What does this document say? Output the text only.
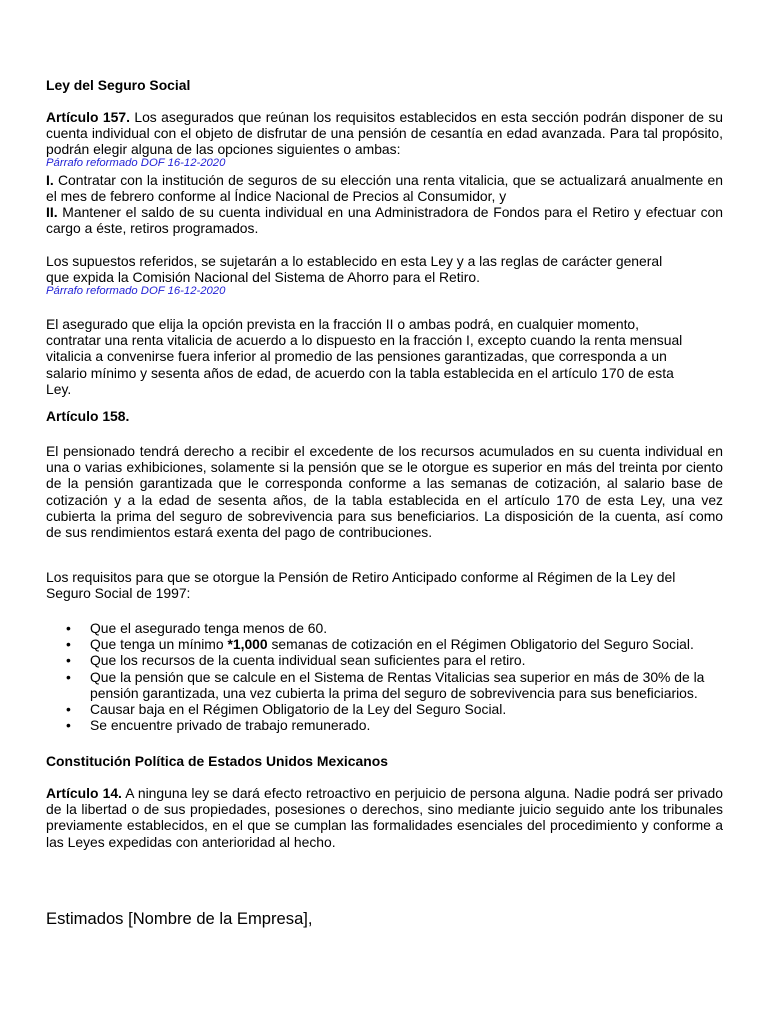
Ley del Seguro Social

Artículo 157. Los asegurados que reúnan los requisitos establecidos en esta sección podrán disponer de su cuenta individual con el objeto de disfrutar de una pensión de cesantía en edad avanzada. Para tal propósito, podrán elegir alguna de las opciones siguientes o ambas:

Párrafo reformado DOF 16-12-2020

I. Contratar con la institución de seguros de su elección una renta vitalicia, que se actualizará anualmente en el mes de febrero conforme al Índice Nacional de Precios al Consumidor, y

II. Mantener el saldo de su cuenta individual en una Administradora de Fondos para el Retiro y efectuar con cargo a éste, retiros programados.

Los supuestos referidos, se sujetarán a lo establecido en esta Ley y a las reglas de carácter general
que expida la Comisión Nacional del Sistema de Ahorro para el Retiro.

Párrafo reformado DOF 16-12-2020

El asegurado que elija la opción prevista en la fracción II o ambas podrá, en cualquier momento,
contratar una renta vitalicia de acuerdo a lo dispuesto en la fracción I, excepto cuando la renta mensual
vitalicia a convenirse fuera inferior al promedio de las pensiones garantizadas, que corresponda a un
salario mínimo y sesenta años de edad, de acuerdo con la tabla establecida en el artículo 170 de esta
Ley.

Artículo 158.

El pensionado tendrá derecho a recibir el excedente de los recursos acumulados en su cuenta individual en una o varias exhibiciones, solamente si la pensión que se le otorgue es superior en más del treinta por ciento de la pensión garantizada que le corresponda conforme a las semanas de cotización, al salario base de cotización y a la edad de sesenta años, de la tabla establecida en el artículo 170 de esta Ley, una vez cubierta la prima del seguro de sobrevivencia para sus beneficiarios. La disposición de la cuenta, así como de sus rendimientos estará exenta del pago de contribuciones.

Los requisitos para que se otorgue la Pensión de Retiro Anticipado conforme al Régimen de la Ley del Seguro Social de 1997:

• Que el asegurado tenga menos de 60.
• Que tenga un mínimo *1,000 semanas de cotización en el Régimen Obligatorio del Seguro Social.
• Que los recursos de la cuenta individual sean suficientes para el retiro.
• Que la pensión que se calcule en el Sistema de Rentas Vitalicias sea superior en más de 30% de la pensión garantizada, una vez cubierta la prima del seguro de sobrevivencia para sus beneficiarios.
• Causar baja en el Régimen Obligatorio de la Ley del Seguro Social.
• Se encuentre privado de trabajo remunerado.

Constitución Política de Estados Unidos Mexicanos

Artículo 14. A ninguna ley se dará efecto retroactivo en perjuicio de persona alguna. Nadie podrá ser privado de la libertad o de sus propiedades, posesiones o derechos, sino mediante juicio seguido ante los tribunales previamente establecidos, en el que se cumplan las formalidades esenciales del procedimiento y conforme a las Leyes expedidas con anterioridad al hecho.

Estimados [Nombre de la Empresa],
